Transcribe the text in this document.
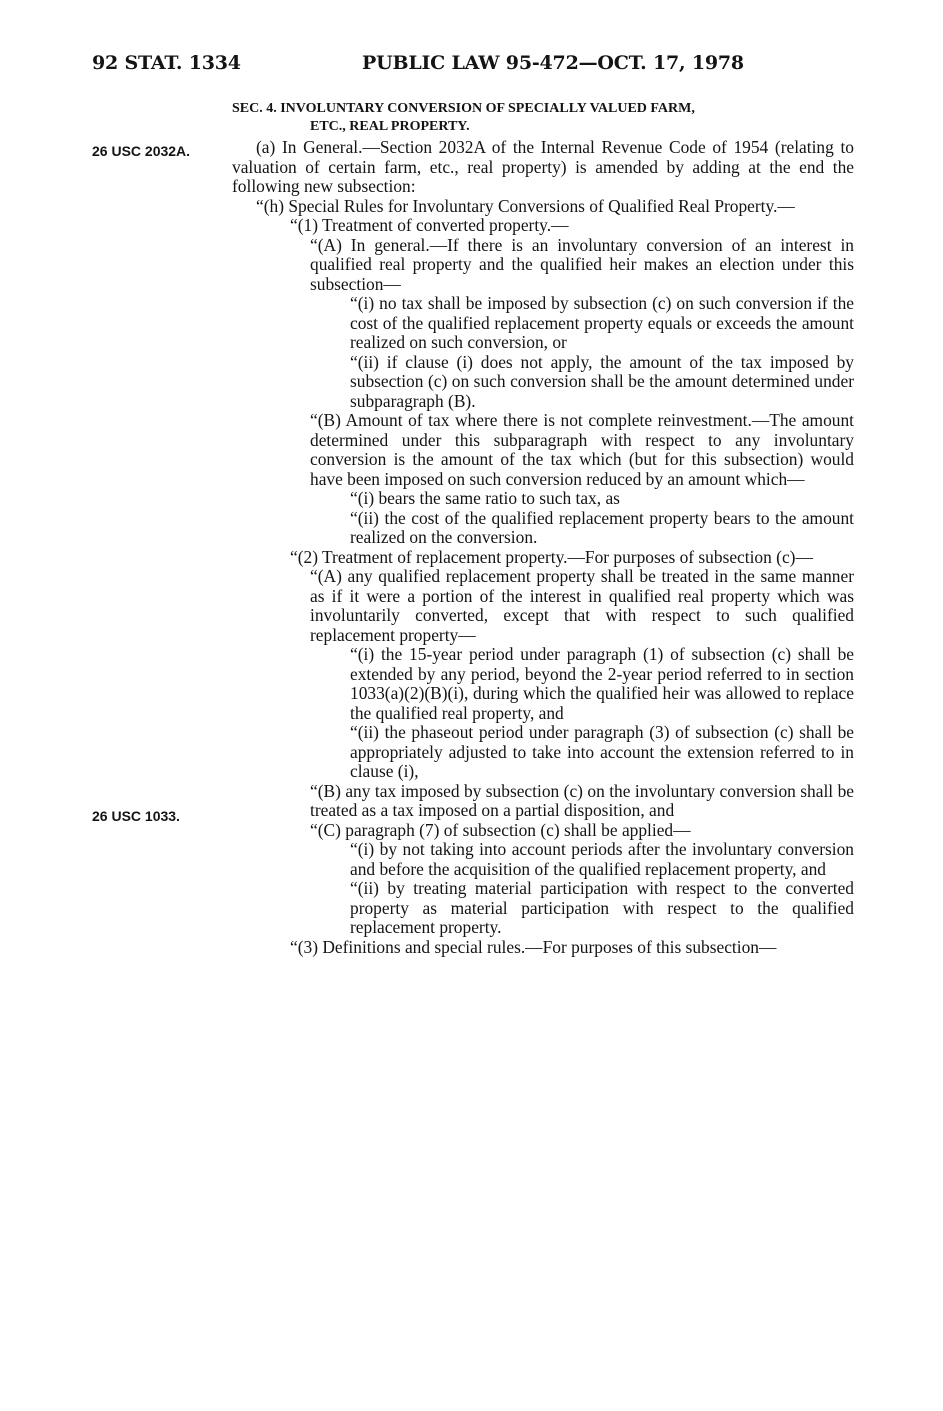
92 STAT. 1334	PUBLIC LAW 95-472—OCT. 17, 1978
26 USC 2032A.
26 USC 1033.

SEC. 4. INVOLUNTARY CONVERSION OF SPECIALLY VALUED FARM,
ETC., REAL PROPERTY.

(a) In General.—Section 2032A of the Internal Revenue Code of 1954 (relating to valuation of certain farm, etc., real property) is amended by adding at the end the following new subsection:

“(h) Special Rules for Involuntary Conversions of Qualified Real Property.—

“(1) Treatment of converted property.—

“(A) In general.—If there is an involuntary conversion of an interest in qualified real property and the qualified heir makes an election under this subsection—

“(i) no tax shall be imposed by subsection (c) on such conversion if the cost of the qualified replacement property equals or exceeds the amount realized on such conversion, or

“(ii) if clause (i) does not apply, the amount of the tax imposed by subsection (c) on such conversion shall be the amount determined under subparagraph (B).

“(B) Amount of tax where there is not complete reinvestment.—The amount determined under this subparagraph with respect to any involuntary conversion is the amount of the tax which (but for this subsection) would have been imposed on such conversion reduced by an amount which—

“(i) bears the same ratio to such tax, as

“(ii) the cost of the qualified replacement property bears to the amount realized on the conversion.

“(2) Treatment of replacement property.—For purposes of subsection (c)—

“(A) any qualified replacement property shall be treated in the same manner as if it were a portion of the interest in qualified real property which was involuntarily converted, except that with respect to such qualified replacement property—

“(i) the 15-year period under paragraph (1) of subsection (c) shall be extended by any period, beyond the 2-year period referred to in section 1033(a)(2)(B)(i), during which the qualified heir was allowed to replace the qualified real property, and

“(ii) the phaseout period under paragraph (3) of subsection (c) shall be appropriately adjusted to take into account the extension referred to in clause (i),

“(B) any tax imposed by subsection (c) on the involuntary conversion shall be treated as a tax imposed on a partial disposition, and

“(C) paragraph (7) of subsection (c) shall be applied—

“(i) by not taking into account periods after the involuntary conversion and before the acquisition of the qualified replacement property, and

“(ii) by treating material participation with respect to the converted property as material participation with respect to the qualified replacement property.

“(3) Definitions and special rules.—For purposes of this subsection—
